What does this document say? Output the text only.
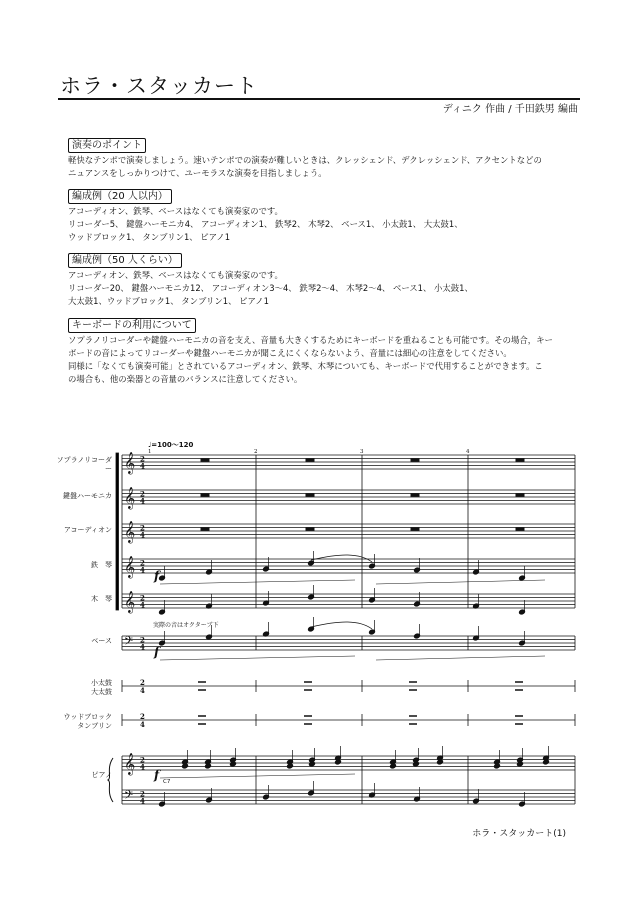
ホラ・スタッカート
ディニク 作曲 / 千田鉄男 編曲
演奏のポイント
軽快なテンポで演奏しましょう。速いテンポでの演奏が難しいときは、クレッシェンド、デクレッシェンド、アクセントなどの
ニュアンスをしっかりつけて、ユーモラスな演奏を目指しましょう。
編成例（20 人以内）
アコーディオン、鉄琴、ベースはなくても演奏家のです。
リコーダー5、 鍵盤ハーモニカ4、 アコーディオン1、 鉄琴2、 木琴2、 ベース1、 小太鼓1、 大太鼓1、
ウッドブロック1、 タンブリン1、 ピアノ1
編成例（50 人くらい）
アコーディオン、鉄琴、ベースはなくても演奏家のです。
リコーダー20、 鍵盤ハーモニカ12、 アコーディオン3～4、 鉄琴2～4、 木琴2～4、 ベース1、 小太鼓1、
大太鼓1、ウッドブロック1、 タンブリン1、 ピアノ1
キーボードの利用について
ソプラノリコーダーや鍵盤ハーモニカの音を支え、音量も大きくするためにキーボードを重ねることも可能です。その場合，キー
ボードの音によってリコーダーや鍵盤ハーモニカが聞こえにくくならないよう、音量には細心の注意をしてください。
同様に「なくても演奏可能」とされているアコーディオン、鉄琴、木琴についても、キーボードで代用することができます。こ
の場合も、他の楽器との音量のバランスに注意してください。
♩=100～120
ソプラノリコーダー
鍵盤ハーモニカ
アコーディオン
鉄　琴
木　琴
ベース
小太鼓
大太鼓
ウッドブロック
タンブリン
ピアノ
実際の音はオクターブ下
1	2	3	4
𝄞 2
4
𝄞 2
4
𝄞 2
4
𝄞 2
4
𝄞 2
4
𝄢 2
4
𝄞 2
4
𝄢 2
4
2
4
2
4
f
f
f C7
ホラ・スタッカート(1)
